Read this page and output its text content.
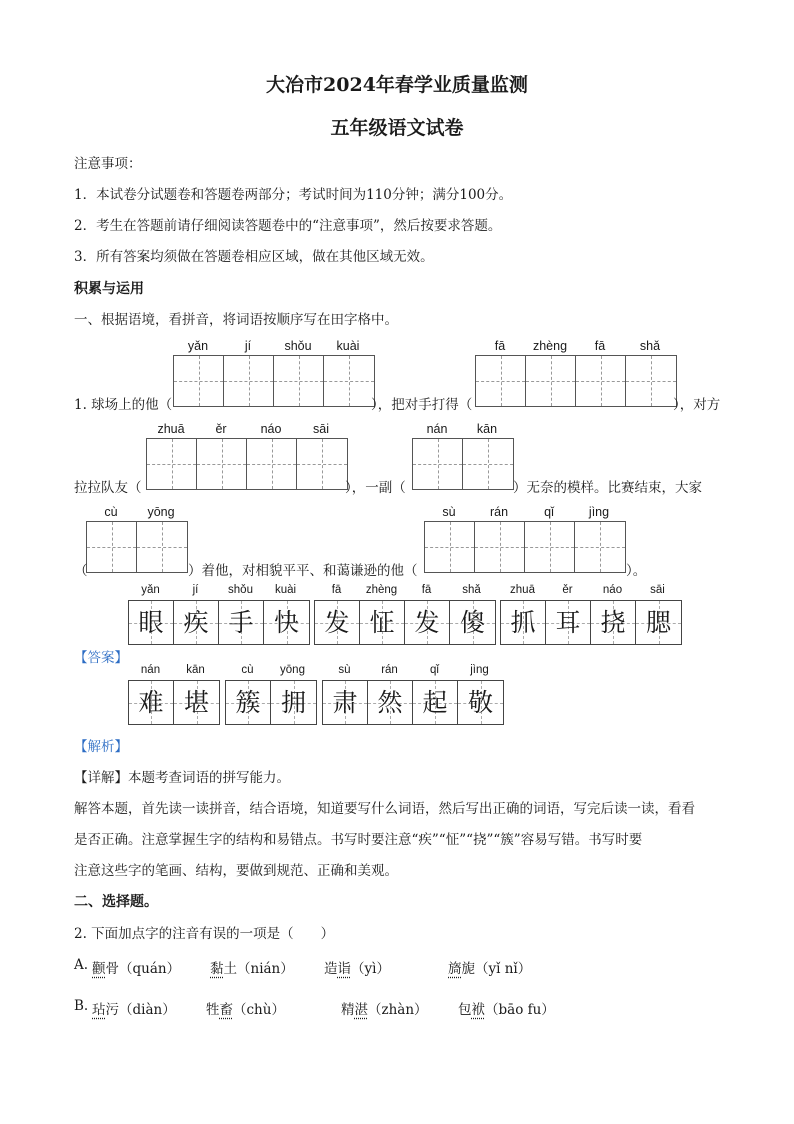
大冶市2024年春学业质量监测
五年级语文试卷
注意事项：
1．本试卷分试题卷和答题卷两部分；考试时间为110分钟；满分100分。
2．考生在答题前请仔细阅读答题卷中的“注意事项”，然后按要求答题。
3．所有答案均须做在答题卷相应区域，做在其他区域无效。
积累与运用
一、根据语境，看拼音，将词语按顺序写在田字格中。
yǎn	jí	shǒu	kuài	fā	zhèng	fā	shǎ
1. 球场上的他（	），把对手打得（	），对方
zhuā	ěr	náo	sāi	nán	kān
拉拉队友（	），一副（	）无奈的模样。比赛结束，大家
cù	yōng	sù	rán	qǐ	jìng
（	）着他，对相貌平平、和蔼谦逊的他（	）。
yǎn	jí	shǒu	kuài
眼 疾 手 快
fā	zhèng	fā	shǎ
发 怔 发 傻
zhuā	ěr	náo	sāi
抓 耳 挠 腮
【答案】
nán	kān
难 堪
cù	yōng
簇 拥
sù	rán	qǐ	jìng
肃 然 起 敬
【解析】
【详解】本题考查词语的拼写能力。
解答本题，首先读一读拼音，结合语境，知道要写什么词语，然后写出正确的词语，写完后读一读，看看
是否正确。注意掌握生字的结构和易错点。书写时要注意“疾”“怔”“挠”“簇”容易写错。书写时要
注意这些字的笔画、结构，要做到规范、正确和美观。
二、选择题。
2. 下面加点字的注音有误的一项是（　　）
A. 颧骨（quán） 黏土（nián） 造诣（yì）	旖旎（yǐ nǐ）
B. 玷污（diàn） 牲畜（chù）	精湛（zhàn） 包袱（bāo fu）
